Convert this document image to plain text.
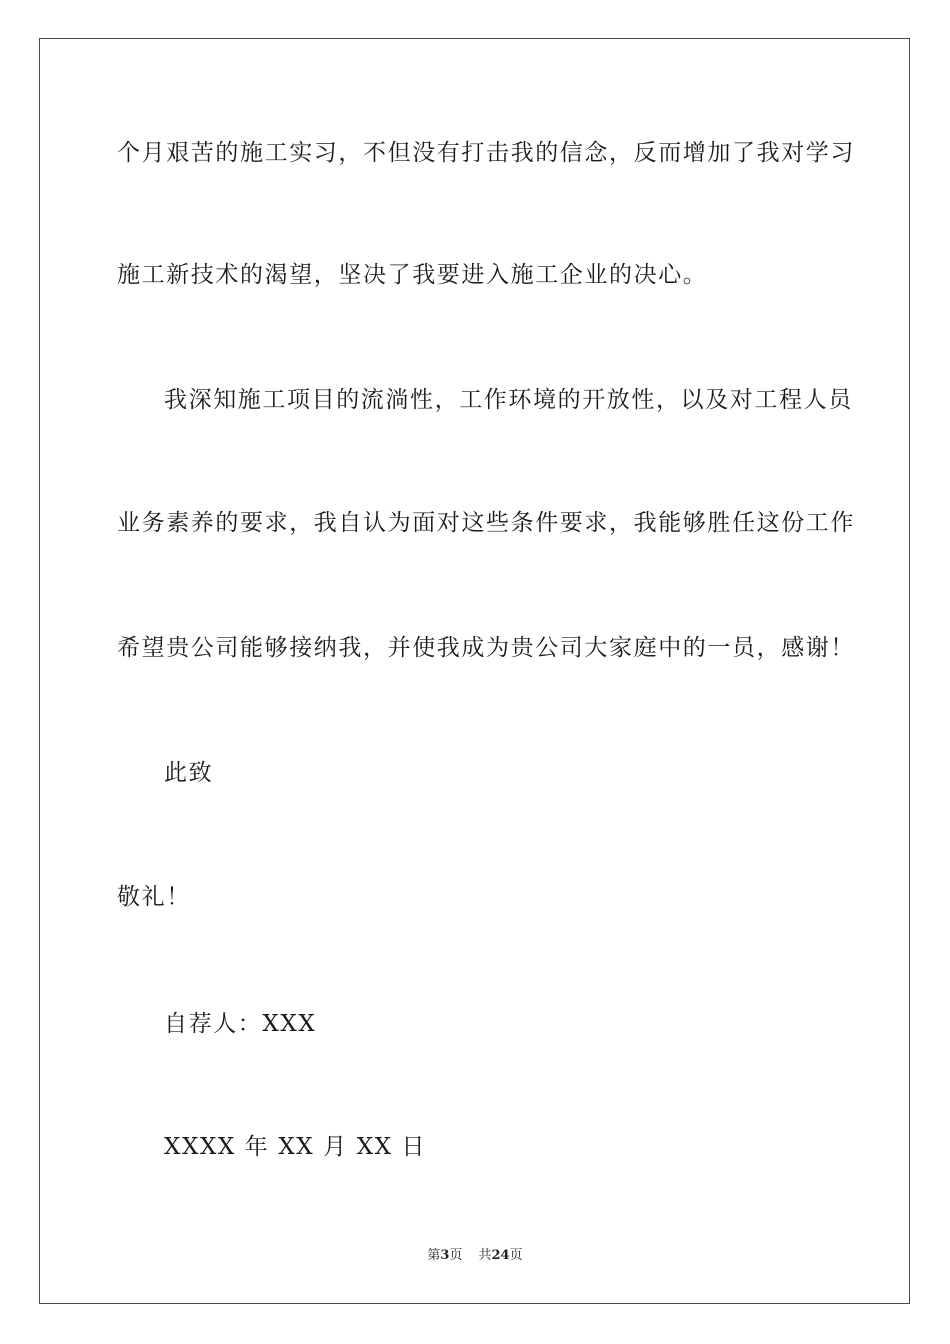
个月艰苦的施工实习，不但没有打击我的信念，反而增加了我对学习
施工新技术的渴望，坚决了我要进入施工企业的决心。
我深知施工项目的流淌性，工作环境的开放性，以及对工程人员
业务素养的要求，我自认为面对这些条件要求，我能够胜任这份工作
希望贵公司能够接纳我，并使我成为贵公司大家庭中的一员，感谢！
此致
敬礼！
自荐人：XXX
XXXX 年 XX 月 XX 日
第3页 共24页
